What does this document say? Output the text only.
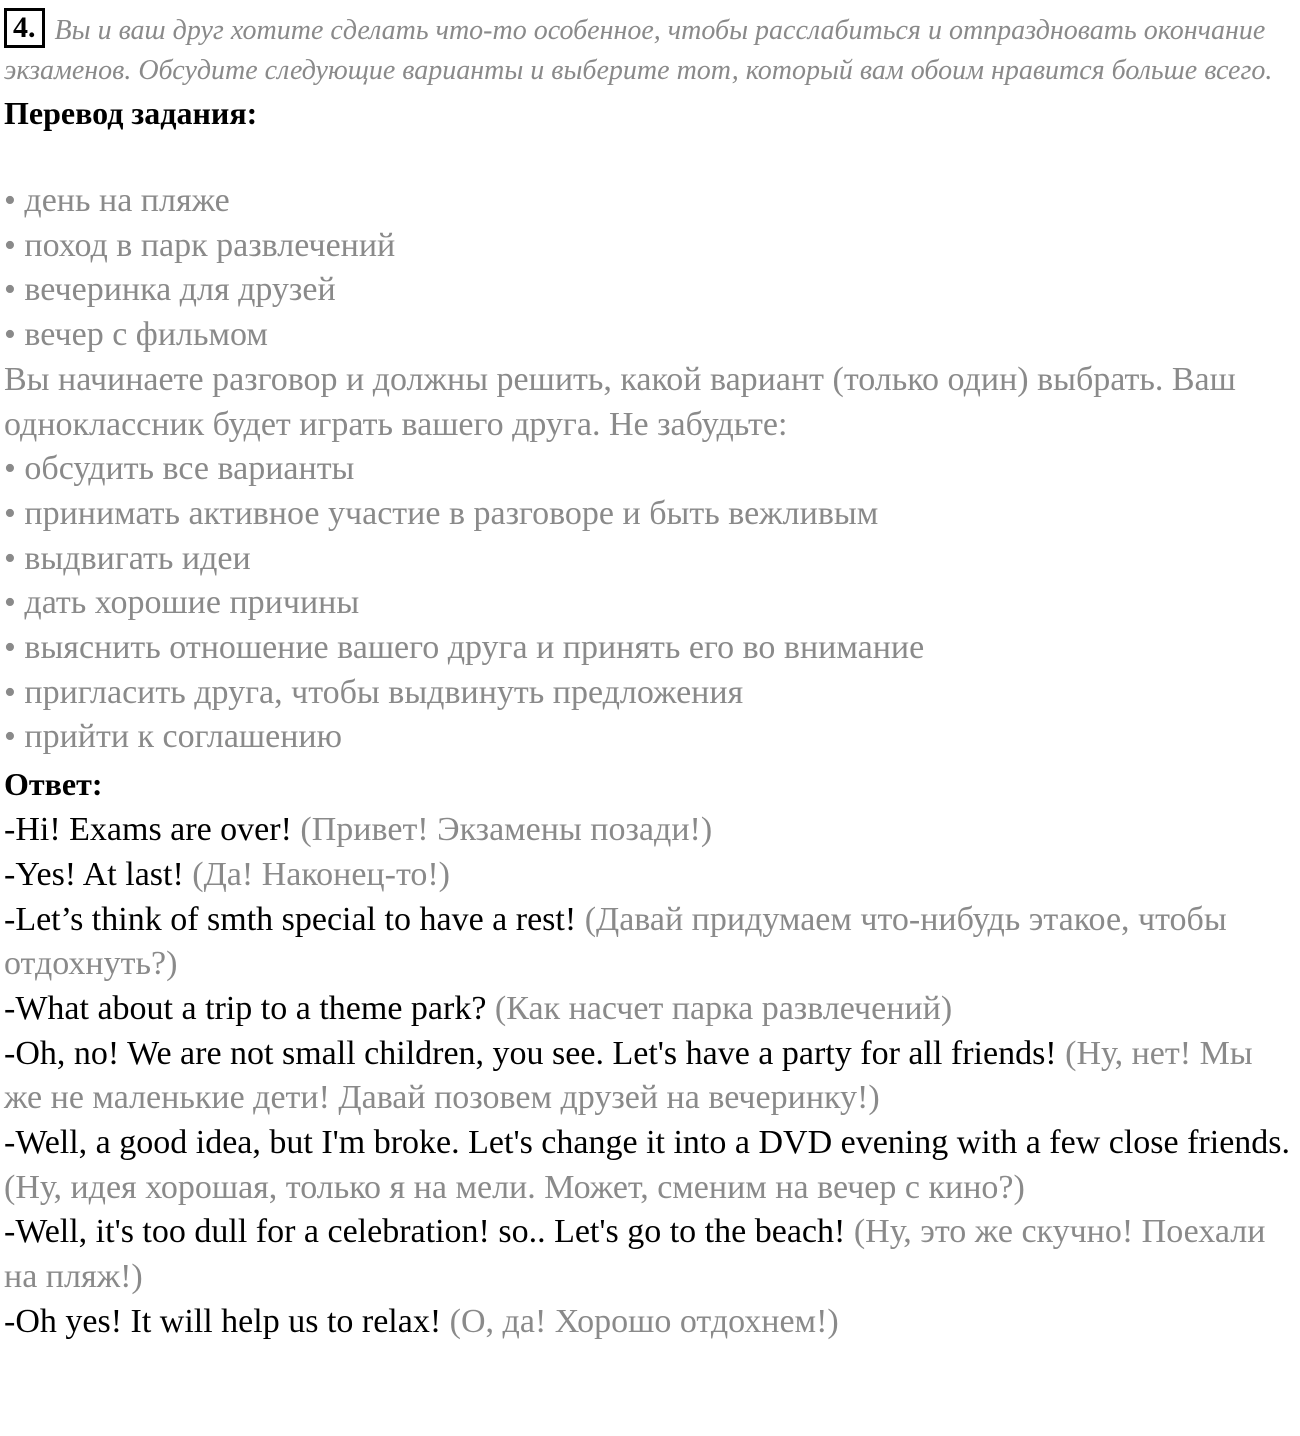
4. Вы и ваш друг хотите сделать что-то особенное, чтобы расслабиться и отпраздновать окончание экзаменов. Обсудите следующие варианты и выберите тот, который вам обоим нравится больше всего.

Перевод задания:

• день на пляже
• поход в парк развлечений
• вечеринка для друзей
• вечер с фильмом

Вы начинаете разговор и должны решить, какой вариант (только один) выбрать. Ваш одноклассник будет играть вашего друга. Не забудьте:

• обсудить все варианты
• принимать активное участие в разговоре и быть вежливым
• выдвигать идеи
• дать хорошие причины
• выяснить отношение вашего друга и принять его во внимание
• пригласить друга, чтобы выдвинуть предложения
• прийти к соглашению

Ответ:

-Hi! Exams are over! (Привет! Экзамены позади!)
-Yes! At last! (Да! Наконец-то!)
-Let’s think of smth special to have a rest! (Давай придумаем что-нибудь этакое, чтобы отдохнуть?)
-What about a trip to a theme park? (Как насчет парка развлечений)
-Oh, no! We are not small children, you see. Let's have a party for all friends! (Ну, нет! Мы же не маленькие дети! Давай позовем друзей на вечеринку!)
-Well, a good idea, but I'm broke. Let's change it into a DVD evening with a few close friends. (Ну, идея хорошая, только я на мели. Может, сменим на вечер с кино?)
-Well, it's too dull for a celebration! so.. Let's go to the beach! (Ну, это же скучно! Поехали на пляж!)
-Oh yes! It will help us to relax! (О, да! Хорошо отдохнем!)
